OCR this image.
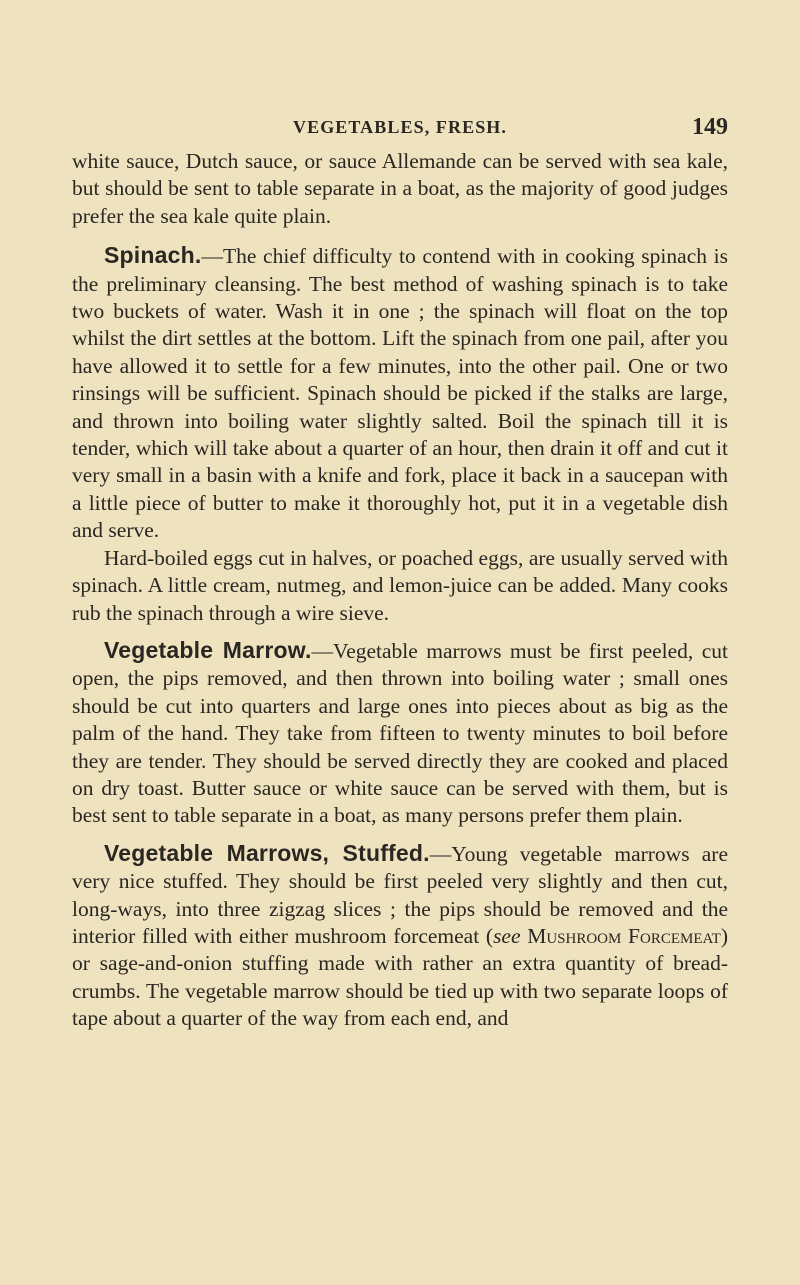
VEGETABLES, FRESH.	149

white sauce, Dutch sauce, or sauce Allemande can be served with sea kale, but should be sent to table separate in a boat, as the majority of good judges prefer the sea kale quite plain.

Spinach.—The chief difficulty to contend with in cooking spinach is the preliminary cleansing. The best method of washing spinach is to take two buckets of water. Wash it in one ; the spinach will float on the top whilst the dirt settles at the bottom. Lift the spinach from one pail, after you have allowed it to settle for a few minutes, into the other pail. One or two rinsings will be sufficient. Spinach should be picked if the stalks are large, and thrown into boiling water slightly salted. Boil the spinach till it is tender, which will take about a quarter of an hour, then drain it off and cut it very small in a basin with a knife and fork, place it back in a saucepan with a little piece of butter to make it thoroughly hot, put it in a vegetable dish and serve.

Hard-boiled eggs cut in halves, or poached eggs, are usually served with spinach. A little cream, nutmeg, and lemon-juice can be added. Many cooks rub the spinach through a wire sieve.

Vegetable Marrow.—Vegetable marrows must be first peeled, cut open, the pips removed, and then thrown into boiling water ; small ones should be cut into quarters and large ones into pieces about as big as the palm of the hand. They take from fifteen to twenty minutes to boil before they are tender. They should be served directly they are cooked and placed on dry toast. Butter sauce or white sauce can be served with them, but is best sent to table separate in a boat, as many persons prefer them plain.

Vegetable Marrows, Stuffed.—Young vegetable marrows are very nice stuffed. They should be first peeled very slightly and then cut, long-ways, into three zigzag slices ; the pips should be removed and the interior filled with either mushroom forcemeat (see Mushroom Forcemeat) or sage-and-onion stuffing made with rather an extra quantity of bread-crumbs. The vegetable marrow should be tied up with two separate loops of tape about a quarter of the way from each end, and
